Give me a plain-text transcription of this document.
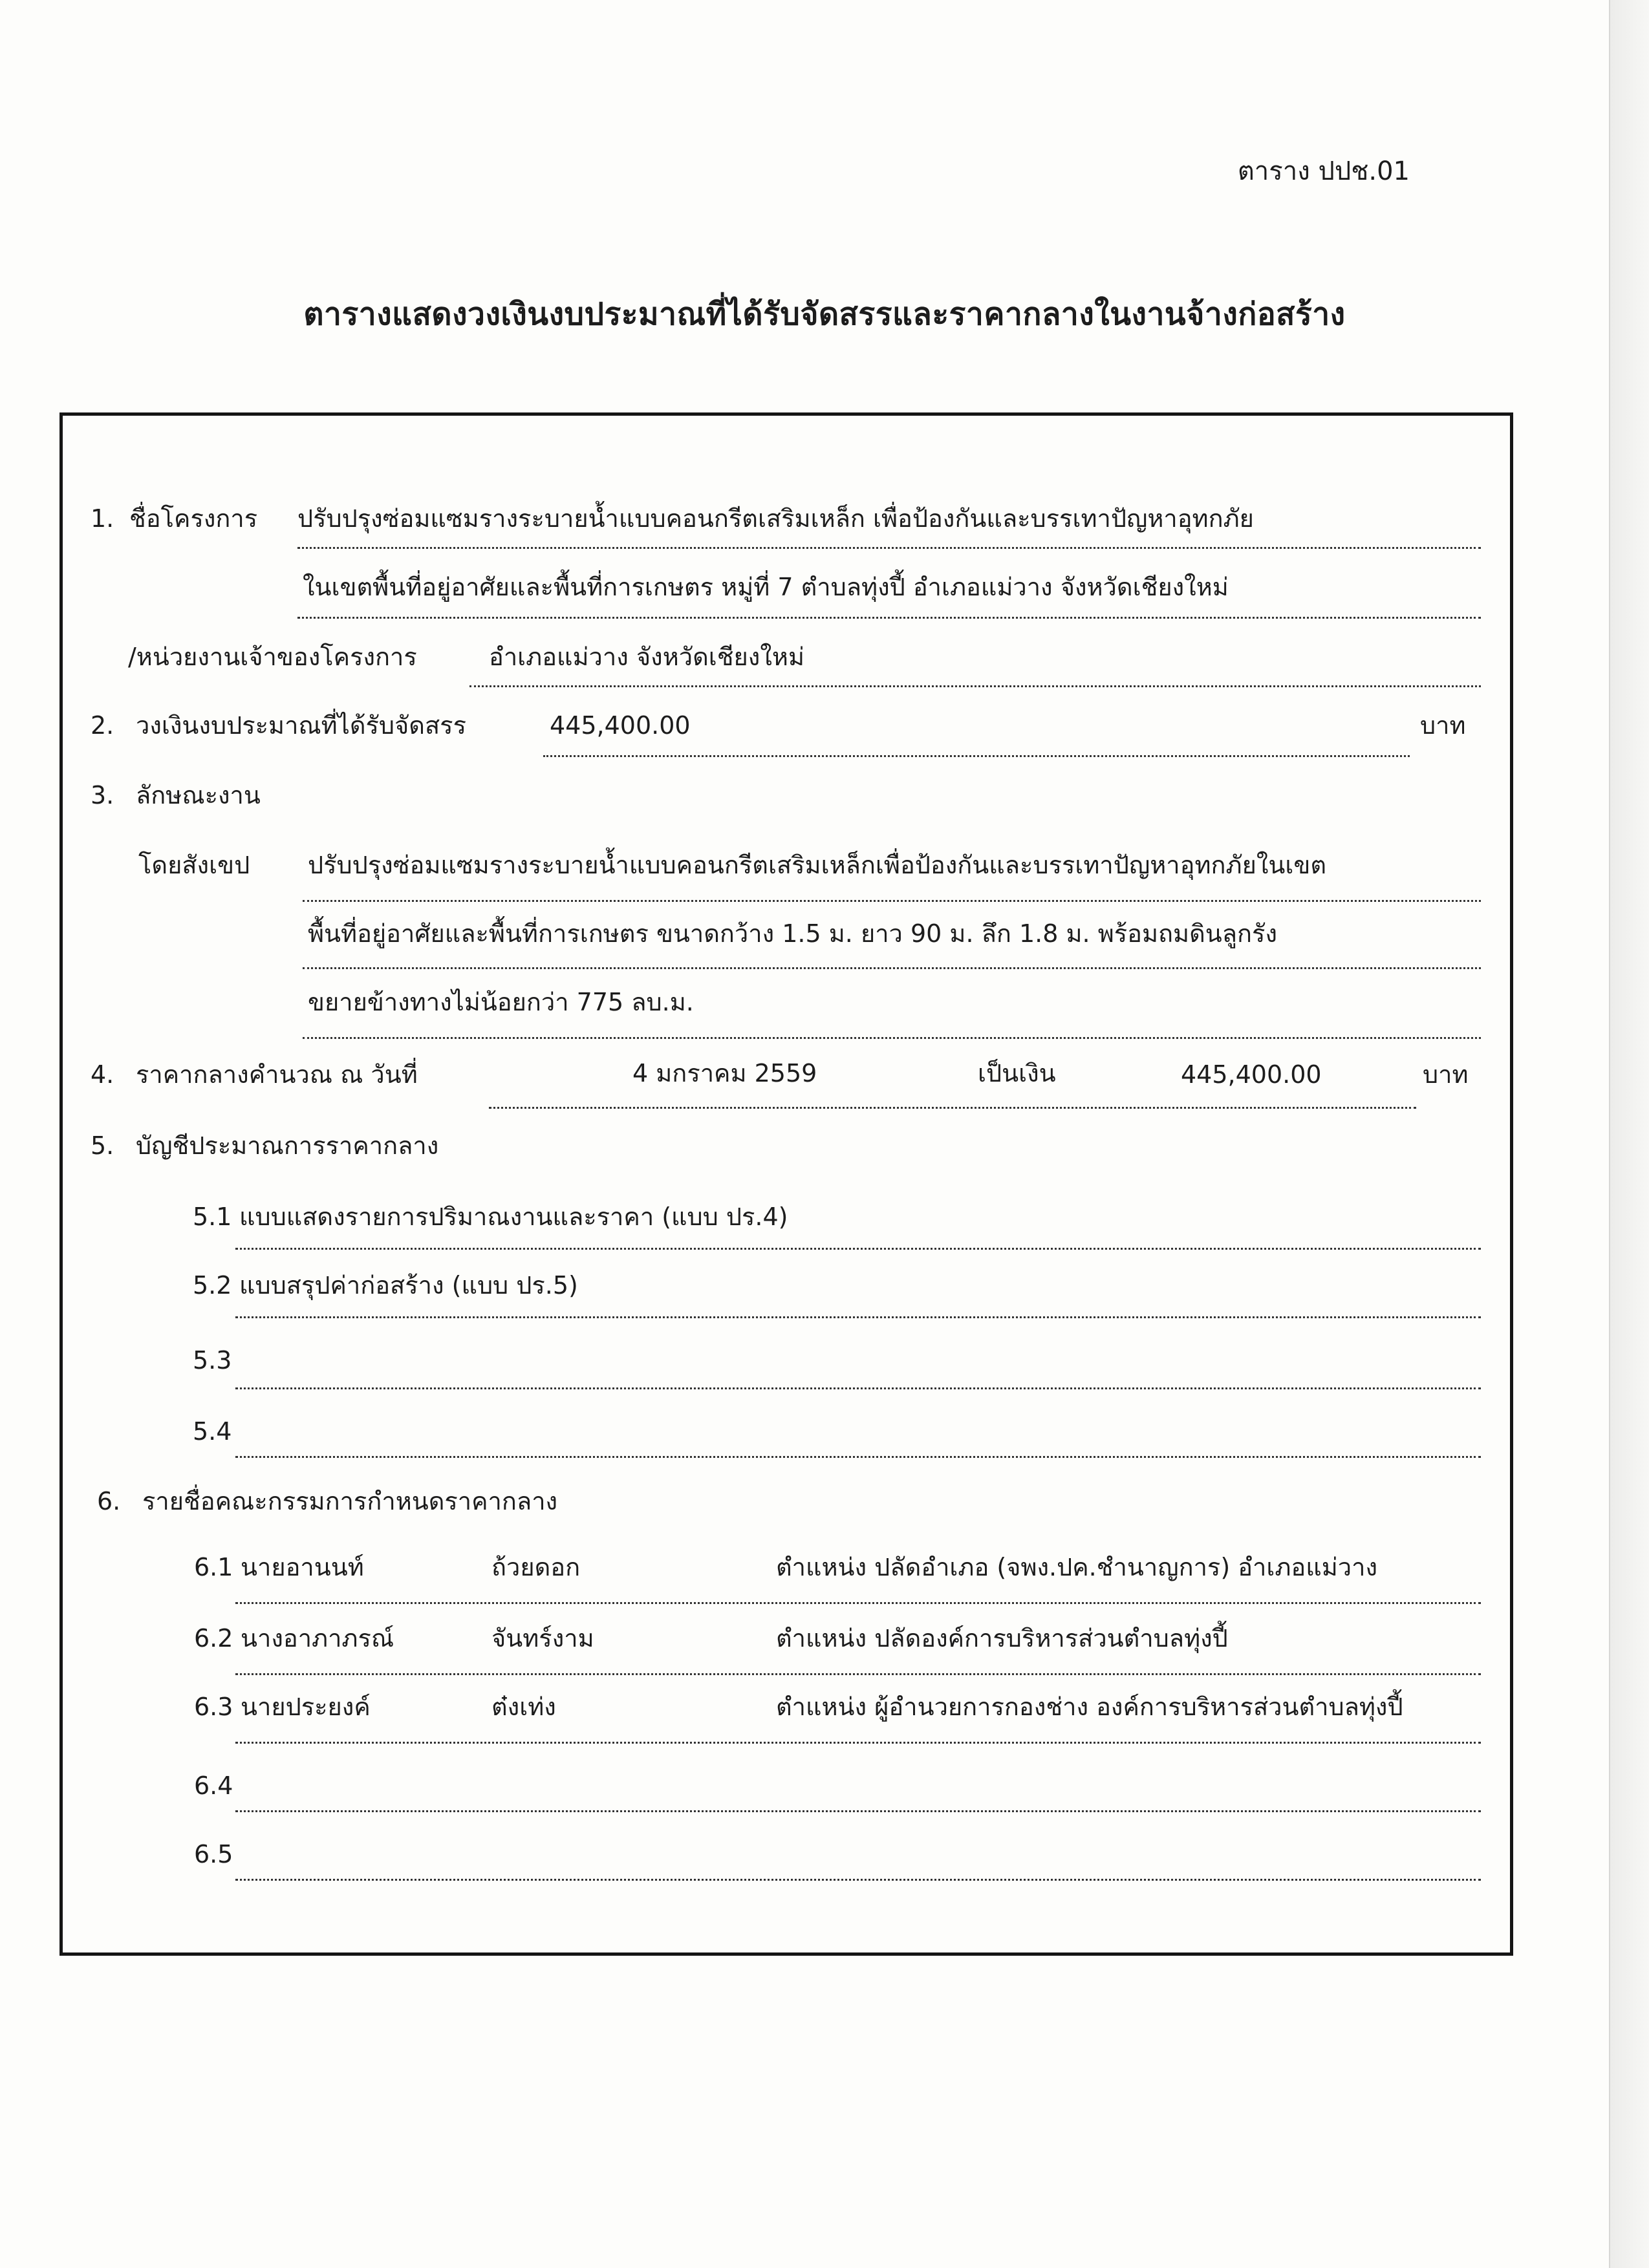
ตาราง ปปช.01
ตารางแสดงวงเงินงบประมาณที่ได้รับจัดสรรและราคากลางในงานจ้างก่อสร้าง
1. ชื่อโครงการ ปรับปรุงซ่อมแซมรางระบายน้ำแบบคอนกรีตเสริมเหล็ก เพื่อป้องกันและบรรเทาปัญหาอุทกภัย
ในเขตพื้นที่อยู่อาศัยและพื้นที่การเกษตร หมู่ที่ 7 ตำบลทุ่งปี้ อำเภอแม่วาง จังหวัดเชียงใหม่
/หน่วยงานเจ้าของโครงการ	อำเภอแม่วาง จังหวัดเชียงใหม่
2. วงเงินงบประมาณที่ได้รับจัดสรร	445,400.00	บาท
3. ลักษณะงาน
โดยสังเขป ปรับปรุงซ่อมแซมรางระบายน้ำแบบคอนกรีตเสริมเหล็กเพื่อป้องกันและบรรเทาปัญหาอุทกภัยในเขต
พื้นที่อยู่อาศัยและพื้นที่การเกษตร ขนาดกว้าง 1.5 ม. ยาว 90 ม. ลึก 1.8 ม. พร้อมถมดินลูกรัง
ขยายข้างทางไม่น้อยกว่า 775 ลบ.ม.
4. ราคากลางคำนวณ ณ วันที่	4 มกราคม 2559	เป็นเงิน	445,400.00	บาท
5. บัญชีประมาณการราคากลาง
5.1 แบบแสดงรายการปริมาณงานและราคา (แบบ ปร.4)
5.2 แบบสรุปค่าก่อสร้าง (แบบ ปร.5)
5.3
5.4
6. รายชื่อคณะกรรมการกำหนดราคากลาง
6.1 นายอานนท์	ถ้วยดอก	ตำแหน่ง ปลัดอำเภอ (จพง.ปค.ชำนาญการ) อำเภอแม่วาง
6.2 นางอาภาภรณ์	จันทร์งาม	ตำแหน่ง ปลัดองค์การบริหารส่วนตำบลทุ่งปี้
6.3 นายประยงค์	ต๋งเท่ง	ตำแหน่ง ผู้อำนวยการกองช่าง องค์การบริหารส่วนตำบลทุ่งปี้
6.4
6.5
